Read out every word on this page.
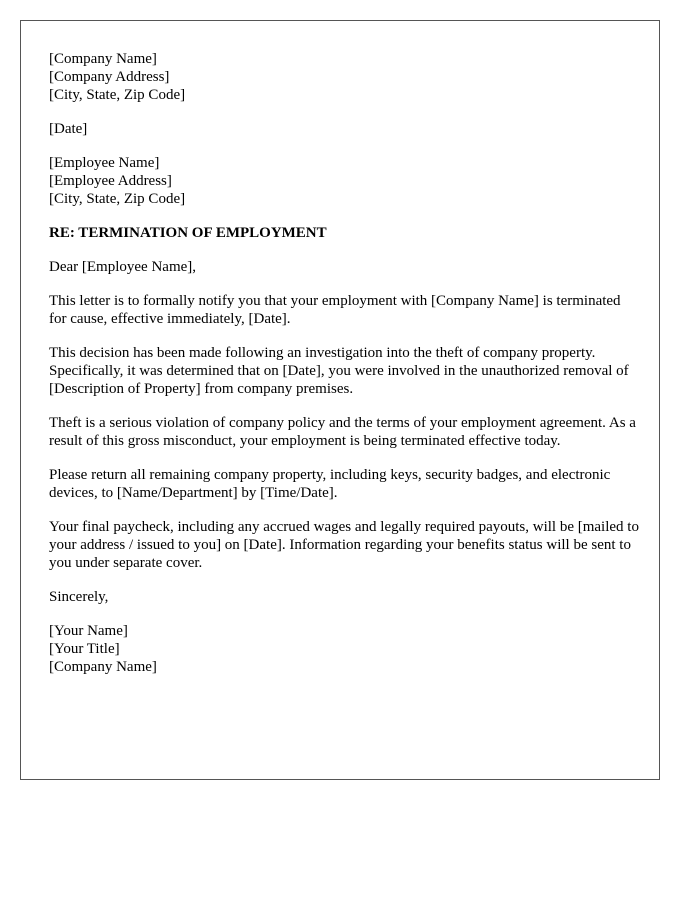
[Company Name]
[Company Address]
[City, State, Zip Code]
[Date]
[Employee Name]
[Employee Address]
[City, State, Zip Code]
RE: TERMINATION OF EMPLOYMENT
Dear [Employee Name],
This letter is to formally notify you that your employment with [Company Name] is terminated for cause, effective immediately, [Date].
This decision has been made following an investigation into the theft of company property. Specifically, it was determined that on [Date], you were involved in the unauthorized removal of [Description of Property] from company premises.
Theft is a serious violation of company policy and the terms of your employment agreement. As a result of this gross misconduct, your employment is being terminated effective today.
Please return all remaining company property, including keys, security badges, and electronic devices, to [Name/Department] by [Time/Date].
Your final paycheck, including any accrued wages and legally required payouts, will be [mailed to your address / issued to you] on [Date]. Information regarding your benefits status will be sent to you under separate cover.
Sincerely,
[Your Name]
[Your Title]
[Company Name]
